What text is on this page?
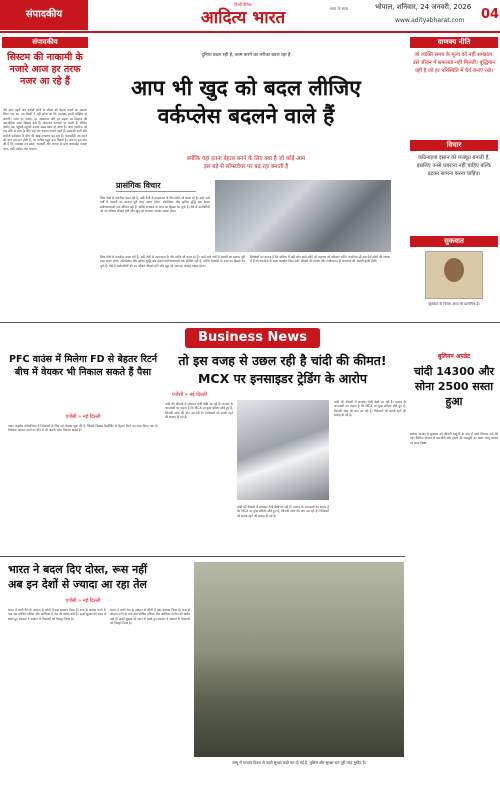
संपादकीय
हिन्दी दैनिक
आदित्य भारत	सत्य के साथ	भोपाल, शनिवार, 24 जनवरी, 2026
www.adityabharat.com	04
संपादकीय
सिस्टम की नाकामी के नजारे आज हर तरफ नजर आ रहे हैं
30 साल पहले जब करोड़ों लोगों के जीवन को बेहतर बनाने का संकल्प लिया गया था, तब किसी ने नहीं सोचा था कि व्यवस्था इतनी बोझिल हो जाएगी। आज हर दफ्तर, हर अस्पताल और हर सड़क पर सिस्टम की कमजोरियां साफ दिखाई देती हैं। योजनाएं कागजों पर बनती हैं, लेकिन जमीन तक पहुंचते-पहुंचते उनका असर खत्म हो जाता है। आम नागरिक को एक छोटे से काम के लिए कई बार चक्कर लगाने पड़ते हैं। सरकारी दावों और जमीनी हकीकत के बीच की खाई लगातार बढ़ रही है। जवाबदेही तय करने की बात बार-बार होती है, पर नतीजे बहुत कम दिखते हैं। जरूरत इस बात की है कि व्यवस्था को सरल, पारदर्शी और जनता के प्रति जवाबदेह बनाया जाए, तभी भरोसा लौट पाएगा।
दुनिया बदल रही है, काम करने का तरीका बदल रहा है
आप भी खुद को बदल लीजिए
वर्कप्लेस बदलने वाले हैं
क्योंकि वहां इतना बेहतर बनने के लिए क्या है जो कोई आम
इस बड़े से सॉफ्टवेयर पर बढ़ रहा बनाती है
प्रासंगिक विचार
जिस तेजी से तकनीक बदल रही है, उसी तेजी से कामकाज के तौर-तरीके भी बदल रहे हैं। आने वाले वर्षों में दफ्तरों का स्वरूप पूरी तरह अलग होगा। ऑटोमेशन और कृत्रिम बुद्धि अब केवल प्रयोगशालाओं तक सीमित नहीं हैं, बल्कि रोजमर्रा के काम का हिस्सा बन चुके हैं। ऐसे में कर्मचारियों को नए कौशल सीखने होंगे और खुद को लगातार अपडेट रखना होगा।
जिस तेजी से तकनीक बदल रही है, उसी तेजी से कामकाज के तौर-तरीके भी बदल रहे हैं। आने वाले वर्षों में दफ्तरों का स्वरूप पूरी तरह अलग होगा। ऑटोमेशन और कृत्रिम बुद्धि अब केवल प्रयोगशालाओं तक सीमित नहीं हैं, बल्कि रोजमर्रा के काम का हिस्सा बन चुके हैं। ऐसे में कर्मचारियों को नए कौशल सीखने होंगे और खुद को लगातार अपडेट रखना होगा।
विशेषज्ञों का मानना है कि भविष्य में वही लोग आगे बढ़ेंगे जो बदलाव को स्वीकार करेंगे। कंपनियां भी अब ऐसे लोगों की तलाश में हैं जो तकनीक के साथ तालमेल बिठा सकें। सीखने की ललक और लचीलापन ही सफलता की असली कुंजी होगी।
वाणक्य नीति
जो व्यक्ति समय के मूल्य को नहीं समझता, उसे जीवन में सफलता नहीं मिलती। बुद्धिमान वही है जो हर परिस्थिति में धैर्य बनाए रखे।
विचार
कठिनाइयां इंसान को मजबूत बनाती हैं, इसलिए उनसे घबराना नहीं चाहिए बल्कि डटकर सामना करना चाहिए।
सुकवात
सुकवात के विचार आज भी प्रासंगिक हैं।
Business News
PFC वाउंस में मिलेगा FD से बेहतर रिटर्न बीच में वेयकर भी निकाल सकते हैं पैसा
एजेंसी » नई दिल्ली
पावर फाइनेंस कॉरपोरेशन ने निवेशकों के लिए नई योजना शुरू की है, जिसमें फिक्स्ड डिपॉजिट से बेहतर रिटर्न का वादा किया गया है। निवेशक जरूरत पड़ने पर बीच में भी अपनी रकम निकाल सकते हैं।
तो इस वजह से उछल रही है चांदी की कीमत!
MCX पर इनसाइडर ट्रेडिंग के आरोप
एजेंसी » नई दिल्ली
चांदी की कीमतों में लगातार तेजी देखी जा रही है। बाजार के जानकारों का कहना है कि MCX पर कुछ संदिग्ध सौदे हुए हैं, जिनकी जांच की मांग उठ रही है। निवेशकों को सतर्क रहने की सलाह दी गई है।
चांदी की कीमतों में लगातार तेजी देखी जा रही है। बाजार के जानकारों का कहना है कि MCX पर कुछ संदिग्ध सौदे हुए हैं, जिनकी जांच की मांग उठ रही है। निवेशकों को सतर्क रहने की सलाह दी गई है।
चांदी की कीमतों में लगातार तेजी देखी जा रही है। बाजार के जानकारों का कहना है कि MCX पर कुछ संदिग्ध सौदे हुए हैं, जिनकी जांच की मांग उठ रही है। निवेशकों को सतर्क रहने की सलाह दी गई है।
बुलियन अपडेट
चांदी 14300 और सोना 2500 सस्ता हुआ
सर्राफा बाजार में शुक्रवार को कीमती धातुओं के दाम में भारी गिरावट दर्ज की गई। वैश्विक बाजार में कमजोरी और डॉलर की मजबूती का असर घरेलू बाजार पर साफ दिखा।
भारत ने बदल दिए दोस्त, रूस नहीं
अब इन देशों से ज्यादा आ रहा तेल
एजेंसी » नई दिल्ली
भारत ने कच्चे तेल के आयात के स्रोतों में बड़ा बदलाव किया है। रूस से आयात घटने के बाद अब पश्चिम एशिया और अमेरिका से तेल की खरीद बढ़ी है। ऊर्जा सुरक्षा को ध्यान में रखते हुए सरकार ने आयात के विकल्पों को विस्तृत किया है।
भारत ने कच्चे तेल के आयात के स्रोतों में बड़ा बदलाव किया है। रूस से आयात घटने के बाद अब पश्चिम एशिया और अमेरिका से तेल की खरीद बढ़ी है। ऊर्जा सुरक्षा को ध्यान में रखते हुए सरकार ने आयात के विकल्पों को विस्तृत किया है।
जम्मू में गणतंत्र दिवस से पहले सुरक्षा कड़ी कर दी गई है, पुलिस और सुरक्षा बल पूरी तरह मुस्तैद हैं।
